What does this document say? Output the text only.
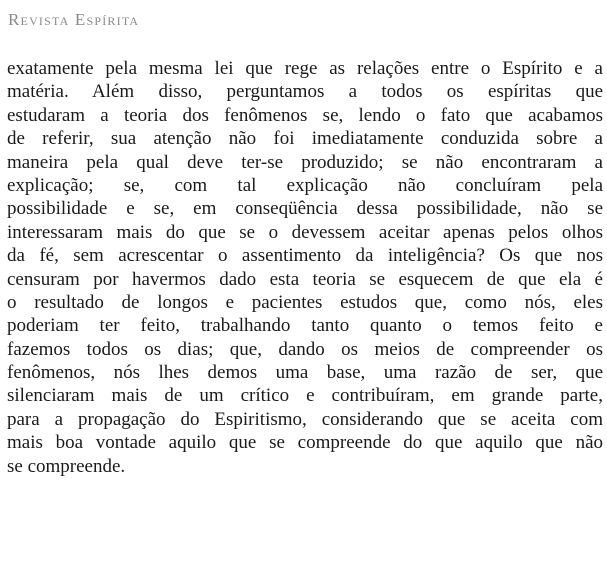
Revista Espírita
exatamente pela mesma lei que rege as relações entre o Espírito e a
matéria. Além disso, perguntamos a todos os espíritas que
estudaram a teoria dos fenômenos se, lendo o fato que acabamos
de referir, sua atenção não foi imediatamente conduzida sobre a
maneira pela qual deve ter-se produzido; se não encontraram a
explicação; se, com tal explicação não concluíram pela
possibilidade e se, em conseqüência dessa possibilidade, não se
interessaram mais do que se o devessem aceitar apenas pelos olhos
da fé, sem acrescentar o assentimento da inteligência? Os que nos
censuram por havermos dado esta teoria se esquecem de que ela é
o resultado de longos e pacientes estudos que, como nós, eles
poderiam ter feito, trabalhando tanto quanto o temos feito e
fazemos todos os dias; que, dando os meios de compreender os
fenômenos, nós lhes demos uma base, uma razão de ser, que
silenciaram mais de um crítico e contribuíram, em grande parte,
para a propagação do Espiritismo, considerando que se aceita com
mais boa vontade aquilo que se compreende do que aquilo que não
se compreende.
